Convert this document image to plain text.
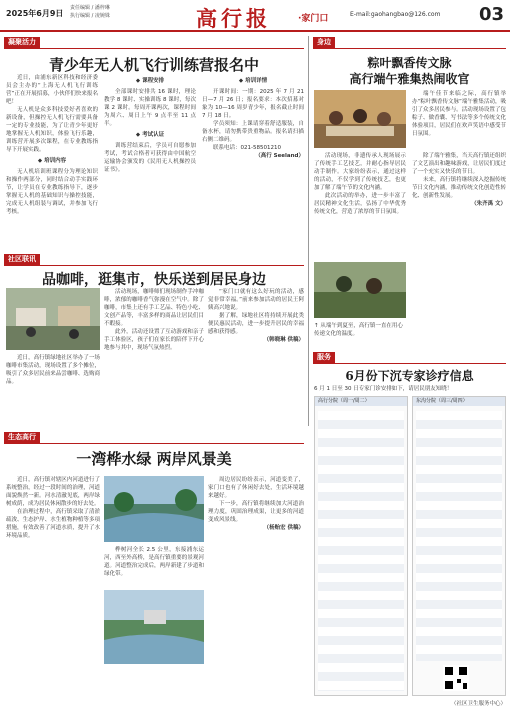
2025年6月9日
责任编辑 / 潘梓琳
执行编辑 / 凌婉姝	高行报	·家门口	E-mail:gaohangbao@126.com 03
凝聚活力
青少年无人机飞行训练营报名中

近日，由浦东新区科技和经济委员会主办的“上海无人机飞行训练营”正在开展招募，小伙伴们快来报名吧！

无人机是众多科技爱好者喜欢的新设备，但操控无人机飞行需要具备一定的专业技能，为了让青少年更好地掌握无人机知识，体验飞行乐趣，训练营开展多次课程，在专业教练指导下开展实践。

◆ 培训内容

无人机培训班课程分为理论知识和操作两部分，同时结合动手实践环节，让学员在专业教练指导下，逐步掌握无人机的基础知识与操控技能，完成无人机组装与调试，并参加飞行考核。

◆ 课程安排

全部课时安排共 16 课时，理论教学 8 课时、实操训练 8 课时，每次课 2 课时。每周开课两次，课程时间为周六、周日上午 9 点半至 11 点半。

◆ 考试认证

训练营结束后，学员可自愿参加考试，考试合格者可获得由中国航空运输协会颁发的《民用无人机操控员证书》。

◆ 培训详情

开课时间：一期：2025 年 7 月 21 日—7 月 26 日；报名要求：本次招募对象为 10—16 周岁青少年，报名截止时间 7 月 18 日。

学员须知：上课请穿着舒适服装，自备水杯，请勿携带贵重物品。报名请扫描右侧二维码。

联系电话：021-58501210

（高行 Seeland）

身边
粽叶飘香传文脉
高行端午雅集热闹收官

端午佳节来临之际，高行镇举办“粽叶飘香传文脉”端午雅集活动，吸引了众多居民参与。活动现场设置了包粽子、做香囊、写书法等多个传统文化体验项目，居民们在欢声笑语中感受节日氛围。

活动现场，非遗传承人现场展示了传统手工艺技艺，并耐心指导居民动手制作。大家纷纷表示，通过这样的活动，不仅学到了传统技艺，也更加了解了端午节的文化内涵。

此次活动的举办，进一步丰富了居民精神文化生活，弘扬了中华优秀传统文化，营造了浓厚的节日氛围。

↑ 从端午到夏至，高行镇一直在用心传递文化的温度。

除了端午雅集，当天高行镇还组织了文艺演出和趣味游戏，让居民们度过了一个充实又快乐的节日。

未来，高行镇将继续深入挖掘传统节日文化内涵，推动传统文化创造性转化、创新性发展。

（朱齐禹 文）

社区联讯
品咖啡，逛集市，快乐送到居民身边

近日，高行镇绿地社区举办了一场咖啡市集活动，现场设置了多个摊位，吸引了众多居民前来品尝咖啡、选购商品。

活动现场，咖啡师们现场制作手冲咖啡，浓郁的咖啡香气弥漫在空气中。除了咖啡，市集上还有手工艺品、特色小吃、文创产品等，丰富多样的商品让居民们目不暇接。

此外，活动还设置了互动游戏和亲子手工体验区，孩子们在家长的陪伴下开心地参与其中，现场气氛热烈。

“家门口就有这么好玩的活动，感觉非常幸福。”前来参加活动的居民王阿姨高兴地说。

据了解，绿地社区将持续开展此类便民惠民活动，进一步提升居民的幸福感和获得感。

（韩晓琳 供稿）

服务
6月份下沉专家诊疗信息
6 月 1 日至 30 日专家门诊安排如下，请居民朋友知晓！
高行分院（周一/周二）	东沟分院（周三/周四）
（社区卫生服务中心）
生态高行
一湾桦水绿 两岸风景美

近日，高行镇对辖区内河道进行了系统整治，经过一段时间的治理，河道面貌焕然一新。河水清澈见底，两岸绿树成荫，成为居民休闲散步的好去处。

在治理过程中，高行镇采取了清淤疏浚、生态护岸、水生植物种植等多项措施，有效改善了河道水质，提升了水环境品质。

桦树河全长 2.5 公里，东接浦东运河，西至外高桥，是高行镇重要的景观河道。河道整治完成后，两岸新建了步道和绿化带。

周边居民纷纷表示，河道变美了，家门口也有了休闲好去处，生活环境越来越好。

下一步，高行镇将继续加大河道治理力度，巩固治理成果，让更多的河道变成风景线。

（杨贻宏 供稿）
